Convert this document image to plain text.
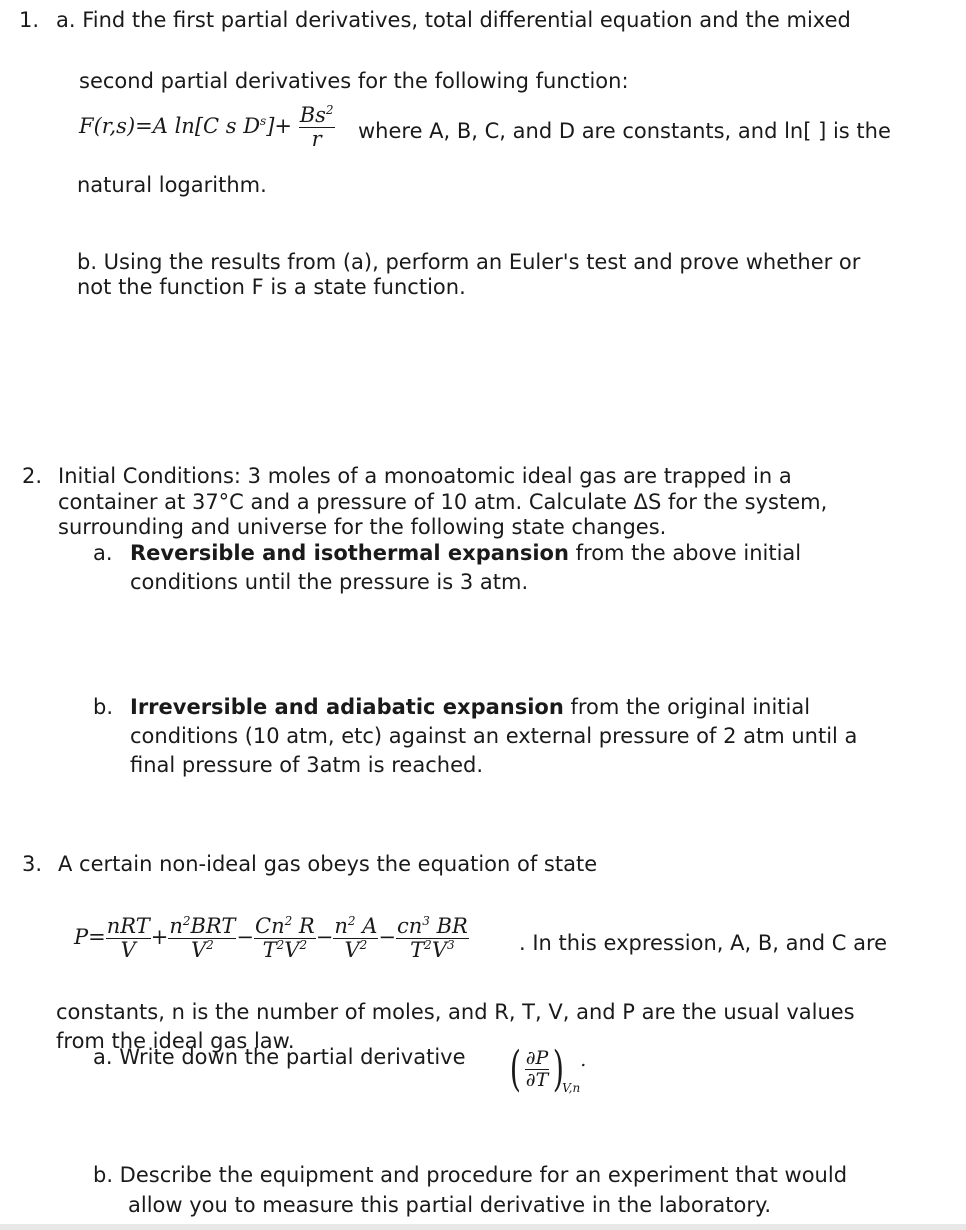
1. a. Find the first partial derivatives, total differential equation and the mixed
second partial derivatives for the following function:
F(r,s)=A ln[C s $D^s]+ \frac{Bs^2}{r}$ where A, B, C, and D are constants, and ln[ ] is the
natural logarithm.
b. Using the results from (a), perform an Euler's test and prove whether or
not the function F is a state function.
2. Initial Conditions: 3 moles of a monoatomic ideal gas are trapped in a
container at 37°C and a pressure of 10 atm. Calculate ΔS for the system,
surrounding and universe for the following state changes.
a. Reversible and isothermal expansion from the above initial
conditions until the pressure is 3 atm.
b. Irreversible and adiabatic expansion from the original initial
conditions (10 atm, etc) against an external pressure of 2 atm until a
final pressure of 3atm is reached.
3. A certain non-ideal gas obeys the equation of state
$P= \frac{\text{nRT}}{V} + \frac{n^2BRT}{V^2} - \frac{Cn^2 R}{T^2V^2} - \frac{n^2 A}{V^2} - \frac{cn^3 BR}{T^2V^3}$ . In this expression, A, B, and C are
constants, n is the number of moles, and R, T, V, and P are the usual values
from the ideal gas law.
a. Write down the partial derivative ( $\frac{\partial P}{\partial T} )_{V,n}$.
b. Describe the equipment and procedure for an experiment that would
allow you to measure this partial derivative in the laboratory.
